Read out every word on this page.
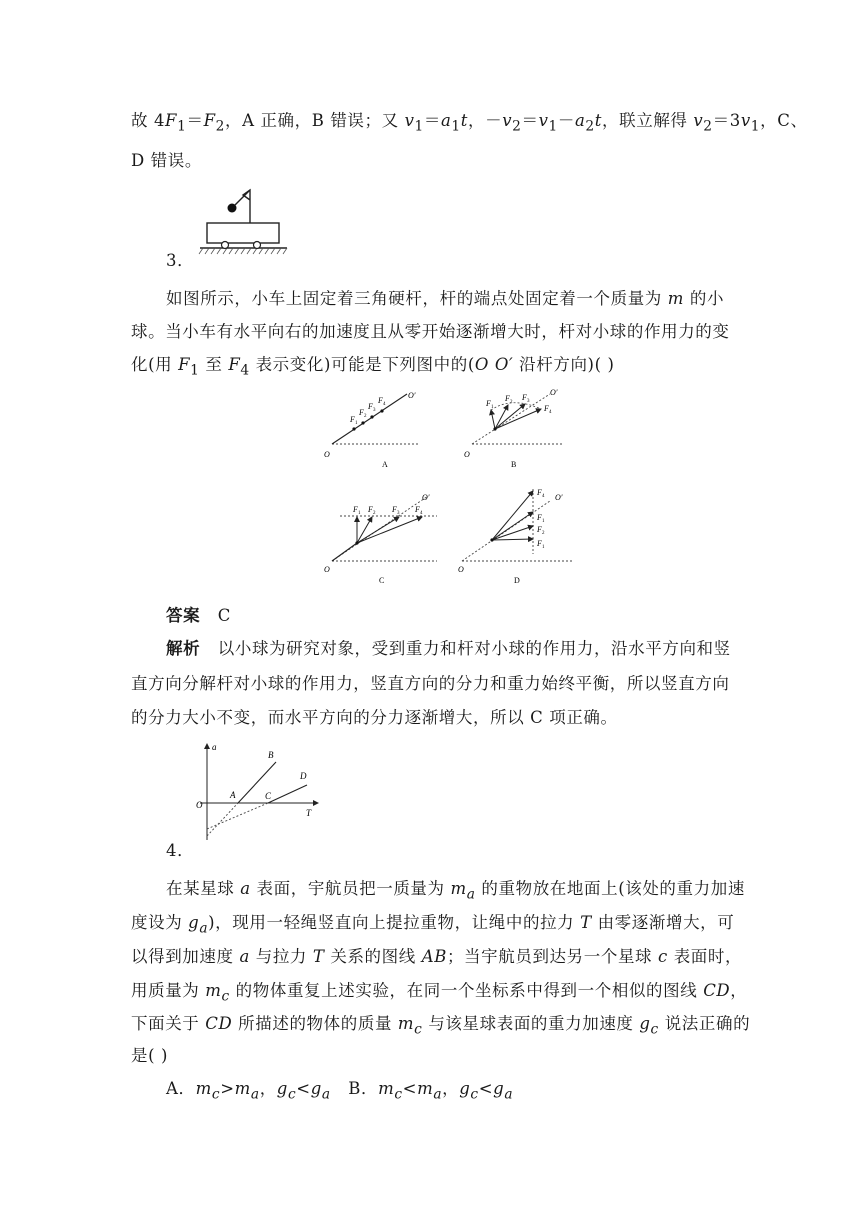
故 $4F_1=F_2$，A 正确，B 错误；又 $v_1=a_1t$，$-v_2=v_1-a_2t$，联立解得 $v_2=3v_1$，C、
D 错误。
3．
如图所示，小车上固定着三角硬杆，杆的端点处固定着一个质量为 m 的小
球。当小车有水平向右的加速度且从零开始逐渐增大时，杆对小球的作用力的变
化(用 $F_1$ 至 $F_4$ 表示变化)可能是下列图中的(O O′ 沿杆方向)( )
F 1
F 2
F 3
F 4
O′
O
A
F 1
F 2
F 3
F 4
O′
O
B
F 1 F 2 F 3 F 4
O′
O
C
F 4
F 1
F 2
F 1
O′
O
D
答案 C
解析 以小球为研究对象，受到重力和杆对小球的作用力，沿水平方向和竖
直方向分解杆对小球的作用力，竖直方向的分力和重力始终平衡，所以竖直方向
的分力大小不变，而水平方向的分力逐渐增大，所以 C 项正确。
a
O
T
A
B
C
D
4．
在某星球 a 表面，宇航员把一质量为 $m_a$ 的重物放在地面上(该处的重力加速
度设为 $g_a$)，现用一轻绳竖直向上提拉重物，让绳中的拉力 T 由零逐渐增大，可
以得到加速度 a 与拉力 T 关系的图线 AB；当宇航员到达另一个星球 c 表面时，
用质量为 $m_c$ 的物体重复上述实验，在同一个坐标系中得到一个相似的图线 CD，
下面关于 CD 所描述的物体的质量 $m_c$ 与该星球表面的重力加速度 $g_c$ 说法正确的
是( )
A．$m_c>m_a$，$g_c<g_a$ B．$m_c<m_a$，$g_c<g_a$
